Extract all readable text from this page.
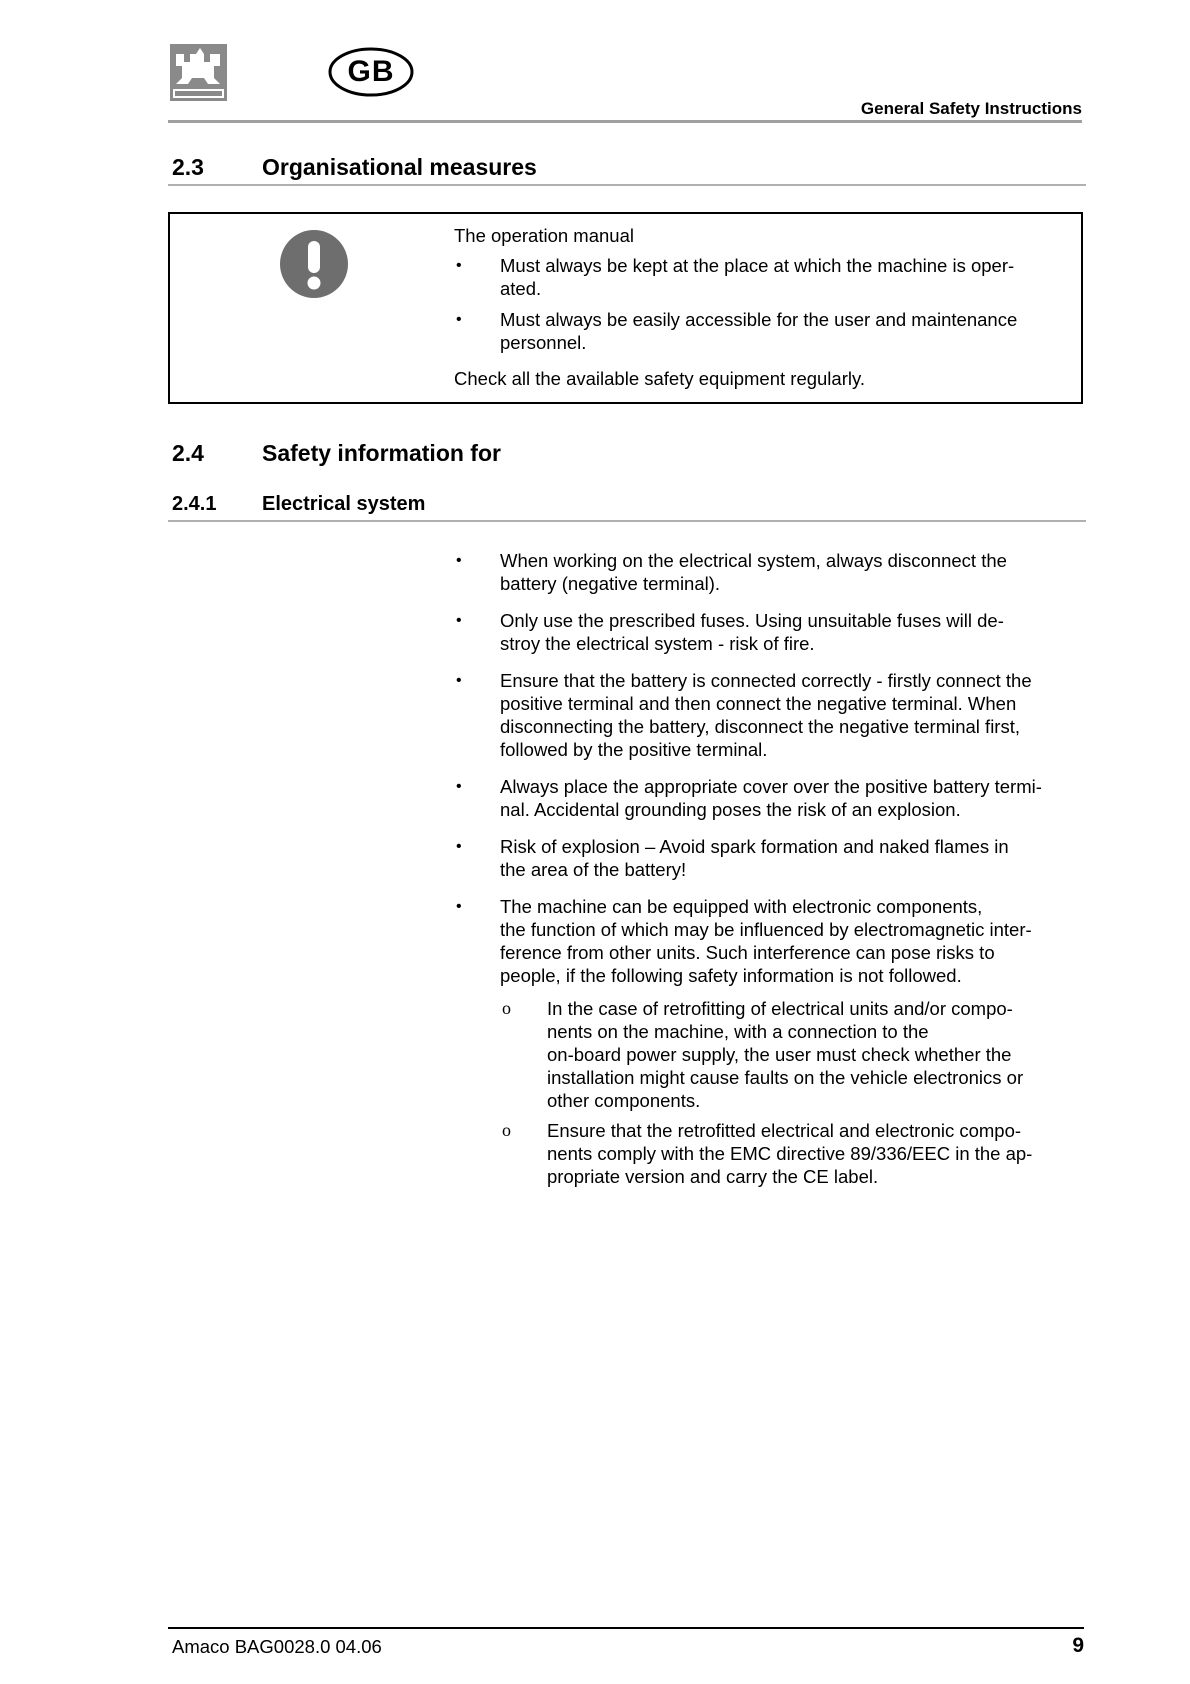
GB
General Safety Instructions
2.3	Organisational measures
The operation manual
• Must always be kept at the place at which the machine is oper-
ated.
• Must always be easily accessible for the user and maintenance
personnel.
Check all the available safety equipment regularly.
2.4	Safety information for
2.4.1 Electrical system
• When working on the electrical system, always disconnect the
battery (negative terminal).
• Only use the prescribed fuses. Using unsuitable fuses will de-
stroy the electrical system - risk of fire.
• Ensure that the battery is connected correctly - firstly connect the
positive terminal and then connect the negative terminal. When
disconnecting the battery, disconnect the negative terminal first,
followed by the positive terminal.
• Always place the appropriate cover over the positive battery termi-
nal. Accidental grounding poses the risk of an explosion.
• Risk of explosion – Avoid spark formation and naked flames in
the area of the battery!
• The machine can be equipped with electronic components,
the function of which may be influenced by electromagnetic inter-
ference from other units. Such interference can pose risks to
people, if the following safety information is not followed.
ο In the case of retrofitting of electrical units and/or compo-
nents on the machine, with a connection to the
on-board power supply, the user must check whether the
installation might cause faults on the vehicle electronics or
other components.
ο Ensure that the retrofitted electrical and electronic compo-
nents comply with the EMC directive 89/336/EEC in the ap-
propriate version and carry the CE label.
Amaco BAG0028.0 04.06	9
